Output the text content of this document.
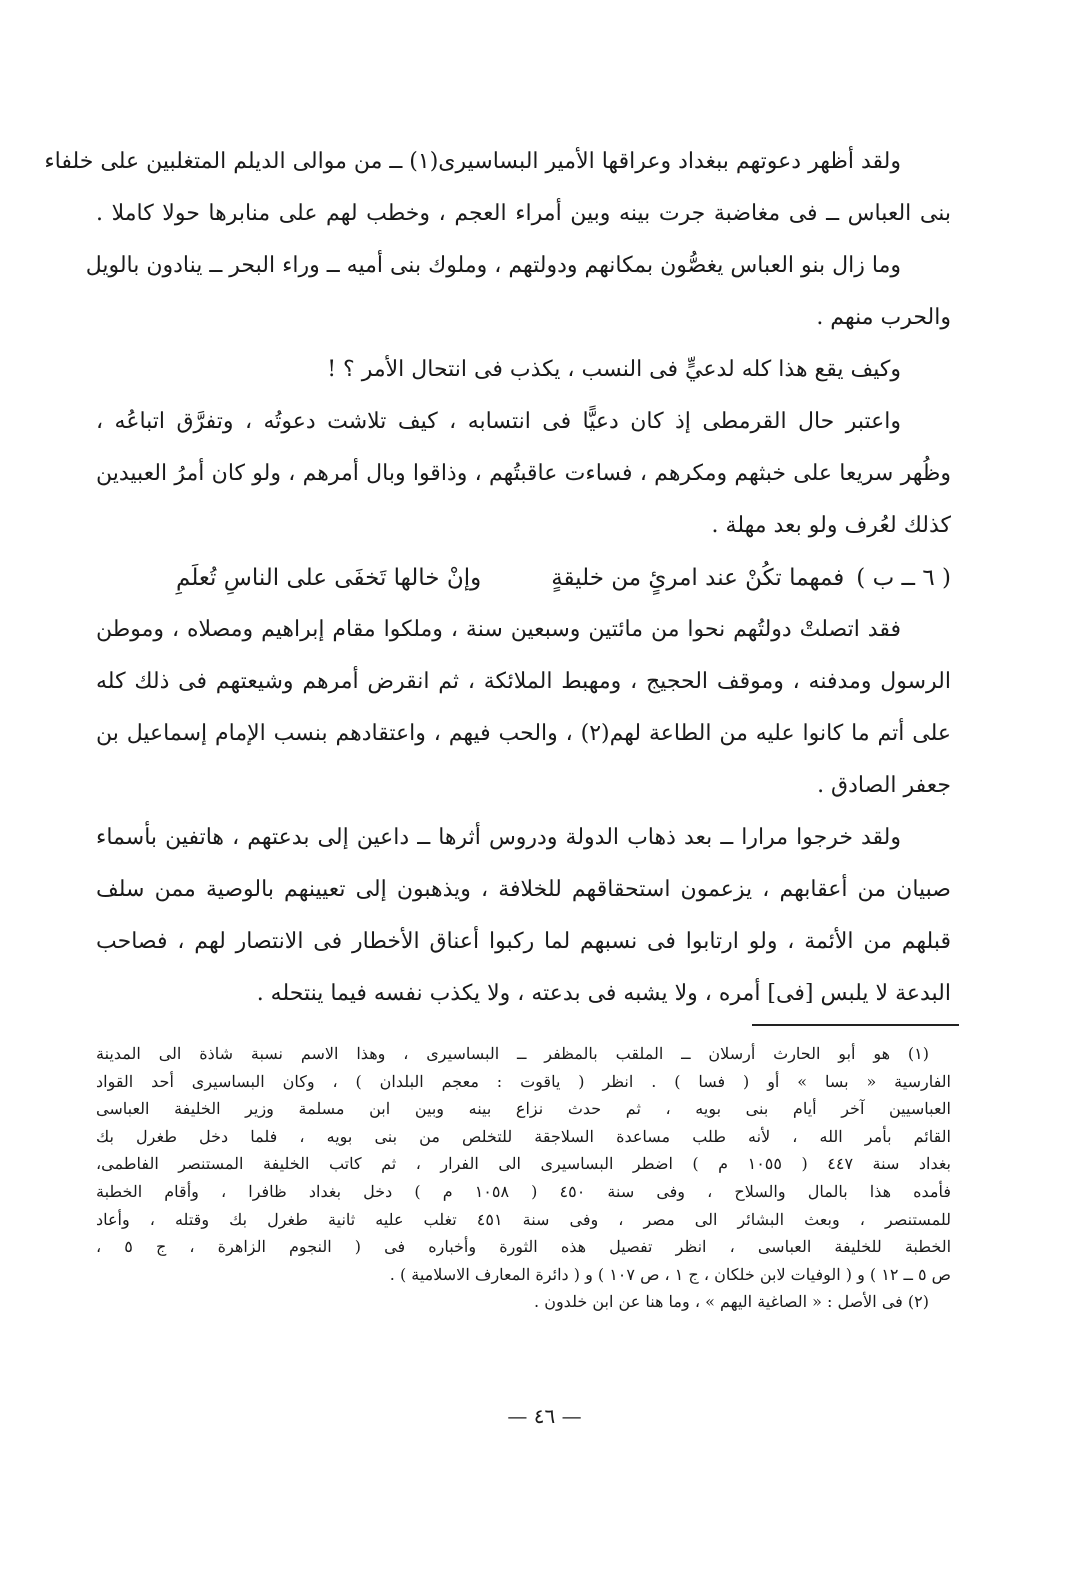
ولقد أظهر دعوتهم ببغداد وعراقها الأمير البساسيرى(١) ــ من موالى الديلم المتغلبين على خلفاء
بنى العباس ــ فى مغاضبة جرت بينه وبين أمراء العجم ، وخطب لهم على منابرها حولا كاملا .
وما زال بنو العباس يغصُّون بمكانهم ودولتهم ، وملوك بنى أميه ــ وراء البحر ــ ينادون بالويل
والحرب منهم .
وكيف يقع هذا كله لدعيٍّ فى النسب ، يكذب فى انتحال الأمر ؟ !
واعتبر حال القرمطى إذ كان دعيًّا فى انتسابه ، كيف تلاشت دعوتُه ، وتفرَّق اتباعُه ،
وظُهر سريعا على خبثهم ومكرهم ، فساءت عاقبتُهم ، وذاقوا وبال أمرهم ، ولو كان أمرُ العبيدين
كذلك لعُرف ولو بعد مهلة .
( ٦ ــ ب )
فمهما تكُنْ عند امرئٍ من خليقةٍ
وإنْ خالها تَخفَى على الناسِ تُعلَمِ
فقد اتصلتْ دولتُهم نحوا من مائتين وسبعين سنة ، وملكوا مقام إبراهيم ومصلاه ، وموطن
الرسول ومدفنه ، وموقف الحجيج ، ومهبط الملائكة ، ثم انقرض أمرهم وشيعتهم فى ذلك كله
على أتم ما كانوا عليه من الطاعة لهم(٢) ، والحب فيهم ، واعتقادهم بنسب الإمام إسماعيل بن
جعفر الصادق .
ولقد خرجوا مرارا ــ بعد ذهاب الدولة ودروس أثرها ــ داعين إلى بدعتهم ، هاتفين بأسماء
صبيان من أعقابهم ، يزعمون استحقاقهم للخلافة ، ويذهبون إلى تعيينهم بالوصية ممن سلف
قبلهم من الأئمة ، ولو ارتابوا فى نسبهم لما ركبوا أعناق الأخطار فى الانتصار لهم ، فصاحب
البدعة لا يلبس [فى] أمره ، ولا يشبه فى بدعته ، ولا يكذب نفسه فيما ينتحله .
(١) هو أبو الحارث أرسلان ــ الملقب بالمظفر ــ البساسيرى ، وهذا الاسم نسبة شاذة الى المدينة
الفارسية « بسا » أو ( فسا ) . انظر ( ياقوت : معجم البلدان ) ، وكان البساسيرى أحد القواد
العباسيين آخر أيام بنى بويه ، ثم حدث نزاع بينه وبين ابن مسلمة وزير الخليفة العباسى
القائم بأمر الله ، لأنه طلب مساعدة السلاجقة للتخلص من بنى بويه ، فلما دخل طغرل بك
بغداد سنة ٤٤٧ ( ١٠٥٥ م ) اضطر البساسيرى الى الفرار ، ثم كاتب الخليفة المستنصر الفاطمى،
فأمده هذا بالمال والسلاح ، وفى سنة ٤٥٠ ( ١٠٥٨ م ) دخل بغداد ظافرا ، وأقام الخطبة
للمستنصر ، وبعث البشائر الى مصر ، وفى سنة ٤٥١ تغلب عليه ثانية طغرل بك وقتله ، وأعاد
الخطبة للخليفة العباسى ، انظر تفصيل هذه الثورة وأخباره فى ( النجوم الزاهرة ، ج ٥ ،
ص ٥ ــ ١٢ ) و ( الوفيات لابن خلكان ، ج ١ ، ص ١٠٧ ) و ( دائرة المعارف الاسلامية ) .
(٢) فى الأصل : « الصاغية اليهم » ، وما هنا عن ابن خلدون .
— ٤٦ —
